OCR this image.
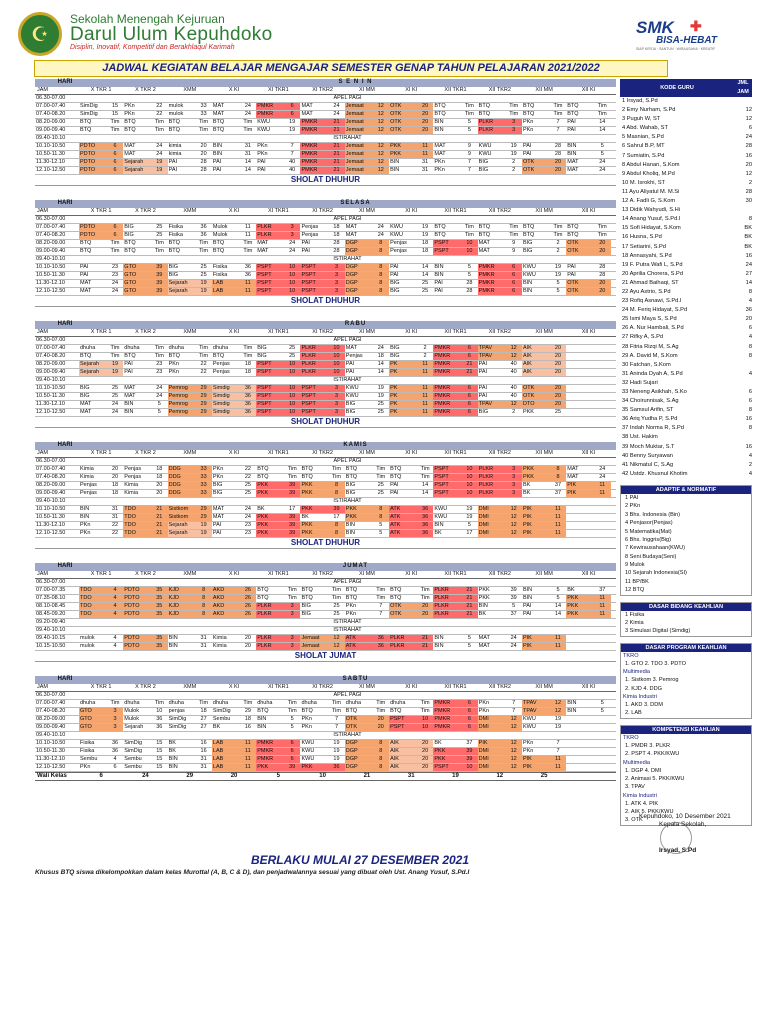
☪
Sekolah Menengah Kejuruan
Darul Ulum Kepuhdoko
Disiplin, Inovatif, Kompetitif dan Berakhlaqul Karimah
SMK ✚
BISA-HEBAT
SIAP KERJA · SANTUN · WIRAUSAHA · KREATIF
JADWAL KEGIATAN BELAJAR MENGAJAR SEMESTER GENAP TAHUN PELAJARAN 2021/2022
HARI	S E N I N
JAM	X TKR 1	X TKR 2	XMM	X KI	XI TKR1	XI TKR2	XI MM	XI KI	XII TKR1	XII TKR2	XII MM	XII KI
06.30-07.00	APEL PAGI
07.00-07.40	SimDig	15	PKn	22	mulok	33	MAT	24	PMKR	6	MAT	24	Jemaat	12	OTK	20	BTQ	Tim BTQ	Tim BTQ	Tim BTQ	Tim
07.40-08.20	SimDig	15	PKn	22	mulok	33	MAT	24	PMKR	6	MAT	24	Jemaat	12	OTK	20	BTQ	Tim BTQ	Tim BTQ	Tim BTQ	Tim
08.20-09.00	BTQ	Tim BTQ	Tim BTQ	Tim BTQ	Tim KWU	19	PMKR	21	Jemaat	12	OTK	20	BIN	5	PLKR	3	PKn	7	PAI	14
09.00-09.40	BTQ	Tim BTQ	Tim BTQ	Tim BTQ	Tim KWU	19	PMKR	21	Jemaat	12	OTK	20	BIN	5	PLKR	3	PKn	7	PAI	14
09.40-10.10	ISTIRAHAT
10.10-10.50	PDTO	6	MAT	24	kimia	20	BIN	31	PKn	7	PMKR	21	Jemaat	12	PKK	11	MAT	9	KWU	19	PAI	28	BIN	5
10.50-11.30	PDTO	6	MAT	24	kimia	20	BIN	31	PKn	7	PMKR	21	Jemaat	12	PKK	11	MAT	9	KWU	19	PAI	28	BIN	5
11.30-12.10	PDTO	6	Sejarah	19	PAI	28	PAI	14	PAI	40	PMKR	21	Jemaat	12	BIN	31	PKn	7	BIG	2	OTK	20	MAT	24
12.10-12.50	PDTO	6	Sejarah	19	PAI	28	PAI	14	PAI	40	PMKR	21	Jemaat	12	BIN	31	PKn	7	BIG	2	OTK	20	MAT	24
SHOLAT DHUHUR
HARI	SELASA
JAM	X TKR 1	X TKR 2	XMM	X KI	XI TKR1	XI TKR2	XI MM	XI KI	XII TKR1	XII TKR2	XII MM	XII KI
06.30-07.00	APEL PAGI
07.00-07.40	PDTO	6	BIG	25	Fisika	36	Mulok	11	PLKR	3	Penjas	18	MAT	24	KWU	19	BTQ	Tim BTQ	Tim BTQ	Tim BTQ	Tim
07.40-08.20	PDTO	6	BIG	25	Fisika	36	Mulok	11	PLKR	3	Penjas	18	MAT	24	KWU	19	BTQ	Tim BTQ	Tim BTQ	Tim BTQ	Tim
08.20-09.00	BTQ	Tim BTQ	Tim BTQ	Tim BTQ	Tim MAT	24	PAI	28	DGP	8	Penjas	18	PSPT	10	MAT	9	BIG	2	OTK	20
09.00-09.40	BTQ	Tim BTQ	Tim BTQ	Tim BTQ	Tim MAT	24	PAI	28	DGP	8	Penjas	18	PSPT	10	MAT	9	BIG	2	OTK	20
09.40-10.10	ISTIRAHAT
10.10-10.50	PAI	23	GTO	39	BIG	25	Fisika	36	PSPT	10	PSPT	3	DGP	8	PAI	14	BIN	5	PMKR	6	KWU	19	PAI	28
10.50-11.30	PAI	23	GTO	39	BIG	25	Fisika	36	PSPT	10	PSPT	3	DGP	8	PAI	14	BIN	5	PMKR	6	KWU	19	PAI	28
11.30-12.10	MAT	24	GTO	39	Sejarah	19	LAB	11	PSPT	10	PSPT	3	DGP	8	BIG	25	PAI	28	PMKR	6	BIN	5	OTK	20
12.10-12.50	MAT	24	GTO	39	Sejarah	19	LAB	11	PSPT	10	PSPT	3	DGP	8	BIG	25	PAI	28	PMKR	6	BIN	5	OTK	20
SHOLAT DHUHUR
HARI	RABU
JAM	X TKR 1	X TKR 2	XMM	X KI	XI TKR1	XI TKR2	XI MM	XI KI	XII TKR1	XII TKR2	XII MM	XII KI
06.30-07.00	APEL PAGI
07.00-07.40	dhuha	Tim dhuha	Tim dhuha	Tim dhuha	Tim BIG	25	PLKR	10	MAT	24	BIG	2	PMKR	6	TPAV	12	AIK	20
07.40-08.20	BTQ	Tim BTQ	Tim BTQ	Tim BTQ	Tim BIG	25	PLKR	10	Penjas	18	BIG	2	PMKR	6	TPAV	12	AIK	20
08.20-09.00	Sejarah	19	PAI	23	PKn	22	Penjas	18	PSPT	10	PLKR	10	PAI	14	PK	11	PMKR	21	PAI	40	AIK	20
09.00-09.40	Sejarah	19	PAI	23	PKn	22	Penjas	18	PSPT	10	PLKR	10	PAI	14	PK	11	PMKR	21	PAI	40	AIK	20
09.40-10.10	ISTIRAHAT
10.10-10.50	BIG	25	MAT	24	Pemrog	29	Simdig	36	PSPT	10	PSPT	3	KWU	19	PK	11	PMKR	6	PAI	40	OTK	20
10.50-11.30	BIG	25	MAT	24	Pemrog	29	Simdig	36	PSPT	10	PSPT	3	KWU	19	PK	11	PMKR	6	PAI	40	OTK	20
11.30-12.10	MAT	24	BIN	5	Pemrog	29	Simdig	36	PSPT	10	PSPT	3	BIG	25	PK	11	PMKR	6	TPAV	12	DTO	20
12.10-12.50	MAT	24	BIN	5	Pemrog	29	Simdig	36	PSPT	10	PSPT	3	BIG	25	PK	11	PMKR	6	BIG	2	PKK	25
SHOLAT DHUHUR
HARI	KAMIS
JAM	X TKR 1	X TKR 2	XMM	X KI	XI TKR1	XI TKR2	XI MM	XI KI	XII TKR1	XII TKR2	XII MM	XII KI
06.30-07.00	APEL PAGI
07.00-07.40	Kimia	20	Penjas	18	DDG	33	PKn	22	BTQ	Tim BTQ	Tim BTQ	Tim BTQ	Tim PSPT	10	PLKR	3	PKK	8	MAT	24
07.40-08.20	Kimia	20	Penjas	18	DDG	33	PKn	22	BTQ	Tim BTQ	Tim BTQ	Tim BTQ	Tim PSPT	10	PLKR	3	PKK	8	MAT	24
08.20-09.00	Penjas	18	Kimia	20	DDG	33	BIG	25	PKK	39	PKK	8	BIG	25	PAI	14	PSPT	10	PLKR	3	BK	37	PIK	11
09.00-09.40	Penjas	18	Kimia	20	DDG	33	BIG	25	PKK	39	PKK	8	BIG	25	PAI	14	PSPT	10	PLKR	3	BK	37	PIK	11
09.40-10.10	ISTIRAHAT
10.10-10.50	BIN	31	TDO	21	Sistkom	29	MAT	24	BK	17	PKK	39	PKK	8	ATK	36	KWU	19	DMI	12	PIK	11
10.50-11.30	BIN	31	TDO	21	Sistkom	29	MAT	24	PKK	39	BK	17	PKK	8	ATK	36	KWU	19	DMI	12	PIK	11
11.30-12.10	PKn	22	TDO	21	Sejarah	19	PAI	23	PKK	39	PKK	8	BIN	5	ATK	36	BIN	5	DMI	12	PIK	11
12.10-12.50	PKn	22	TDO	21	Sejarah	19	PAI	23	PKK	39	PKK	8	BIN	5	ATK	36	BK	17	DMI	12	PIK	11
SHOLAT DHUHUR
HARI	JUMAT
JAM	X TKR 1	X TKR 2	XMM	X KI	XI TKR1	XI TKR2	XI MM	XI KI	XII TKR1	XII TKR2	XII MM	XII KI
06.30-07.00	APEL PAGI
07.00-07.35	TDO	4	PDTO	35	KJD	8	AKD	26	BTQ	Tim BTQ	Tim BTQ	Tim BTQ	Tim PLKR	21	PKK	39	BIN	5	BK	37
07.35-08.10	TDO	4	PDTO	35	KJD	8	AKD	26	BTQ	Tim BTQ	Tim BTQ	Tim BTQ	Tim PLKR	21	PKK	39	BIN	5	PKK	11
08.10-08.45	TDO	4	PDTO	35	KJD	8	AKD	26	PLKR	3	BIG	25	PKn	7	OTK	20	PLKR	21	BIN	5	PAI	14	PKK	11
08.45-09.20	TDO	4	PDTO	35	KJD	8	AKD	26	PLKR	3	BIG	25	PKn	7	OTK	20	PLKR	21	BK	37	PAI	14	PKK	11
09.20-09.40	ISTIRAHAT
09.40-10.10	ISTIRAHAT
09.40-10.15	mulok	4	PDTO	35	BIN	31	Kimia	20	PLKR	3	Jemaat	12	ATK	36	PLKR	21	BIN	5	MAT	24	PIK	11
10.15-10.50	mulok	4	PDTO	35	BIN	31	Kimia	20	PLKR	3	Jemaat	12	ATK	36	PLKR	21	BIN	5	MAT	24	PIK	11
SHOLAT JUMAT
HARI	SABTU
JAM	X TKR 1	X TKR 2	XMM	X KI	XI TKR1	XI TKR2	XI MM	XI KI	XII TKR1	XII TKR2	XII MM	XII KI
06.30-07.00	APEL PAGI
07.00-07.40	dhuha	Tim dhuha	Tim dhuha	Tim dhuha	Tim dhuha	Tim dhuha	Tim dhuha	Tim dhuha	Tim PMKR	6	PKn	7	TPAV	12	BIN	5
07.40-08.20	GTO	3	Mulok	10	penjas	18	SimDig	29	BTQ	Tim BTQ	Tim BTQ	Tim BTQ	Tim PMKR	6	PKn	7	TPAV	12	BIN	5
08.20-09.00	GTO	3	Mulok	36	SimDig	27	Sembu	18	BIN	5	PKn	7	OTK	20	PSPT	10	PMKR	6	DMI	12	KWU	19
09.00-09.40	GTO	3	Sejarah	36	SimDig	27	BK	16	BIN	5	PKn	7	OTK	20	PSPT	10	PMKR	6	DMI	12	KWU	19
09.40-10.10	ISTIRAHAT
10.10-10.50	Fisika	36	SimDig	15	BK	16	LAB	11	PMKR	6	KWU	19	DGP	8	AIK	20	BK	37	PIK	12	PKn	7
10.50-11.30	Fisika	36	SimDig	15	BK	16	LAB	11	PMKR	6	KWU	19	DGP	8	AIK	20	PKK	39	DMI	12	PKn	7
11.30-12.10	Sembu	4	Sembu	15	BIN	31	LAB	11	PMKR	6	KWU	19	DGP	8	AIK	20	PKK	39	DMI	12	PIK	11
12.10-12.50	PKn	6	Sembu	15	BIN	31	LAB	11	PKK	39	PKK	36	DGP	8	AIK	20	PSPT	10	DMI	12	PIK	11
Wali Kelas	6	24	29	20	5	10	21	31	19	12	25
KODE GURU
JML JAM
1 Irsyad, S.Pd
2 Emy Nurham, S.Pd	12
3 Puguh W, ST	12
4 Abd. Wahab, ST	6
5 Masnian, S.Pd	24
6 Sahrul B.P, MT	28
7 Sumiatin, S.Pd	16
8 Abdul Hanan, S.Kom	20
9 Abdul Kholiq, M.Pd	12
10 M. Isrokhi, ST	2
11 Ayu Aliyatul M. M.Si	28
12 A. Fadli G, S.Kom	30
13 Didik Wahyudi, S.Hi
14 Anang Yusuf, S.Pd.I	8
15 Sofi Hidayat, S.Kom	BK
16 Husna, S.Pd	BK
17 Setiarini, S.Pd	BK
18 Annasyahi, S.Pd	16
19 F. Putra Wafi L, S.Pd	24
20 Aprilia Chorera, S.Pd	27
21 Ahmad Baihaqi, ST	14
22 Ayu Astrio, S.Pd	8
23 Rofiq Asnawi, S.Pd.I	4
24 M. Feriq Hidayat, S.Pd	36
25 Ismi Maya S, S.Pd	20
26 A. Nur Hambali, S.Pd	6
27 Rifky A, S.Pd	4
28 Fitria Rizqi M, S.Ag	8
29 A. David M, S.Kom	8
30 Fatchan, S.Kom
31 Aninda Dyah A, S.Pd	4
32 Hadi Sujari
33 Neneng Asikhah, S.Ko	6
34 Choirunnisak, S.Ag	6
35 Samsul Arifin, ST	8
36 Ariq Yudha P, S.Pd	16
37 Indah Norma R, S.Pd	8
38 Ust. Hakim
39 Moch Muktar, S.T	16
40 Benny Suryawan	4
41 Nikmatul C, S.Ag	2
42 Ustdz. Khusnul Khotim	4
ADAPTIF & NORMATIF
1 PAI
2 PKn
3 Bhs. Indonesia (Bin)
4 Penjasor(Penjas)
5 Matematika(Mat)
6 Bhs. Inggris(Big)
7 Kewirausahaan(KWU)
8 Seni Budaya(Seni)
9 Mulok
10 Sejarah Indonesia(SI)
11 BP/BK
12 BTQ
DASAR BIDANG KEAHLIAN
1 Fisika
2 Kimia
3 Simulasi Digital (Simdig)
DASAR PROGRAM KEAHLIAN
TKRO
1. GTO 2. TDO 3. PDTO
Multimedia
1. Sistkom 3. Pemrog
2. KJD 4. DDG
Kimia Industri
1. AKD 3. DDM
2. LAB
KOMPETENSI KEAHLIAN
TKRO
1. PMDR 3. PLKR
2. PSPT 4. PKK/KWU
Multimedia
1. DGP 4. DMI
2. Animasi 5. PKK/KWU
3. TPAV
Kimia Industri
1. ATK 4. PIK
2. AIK 5. PKK/KWU
3. OTK
Kepuhdoko, 10 Desember 2021
Kepala Sekolah,
Irsyad, S.Pd
BERLAKU MULAI 27 DESEMBER 2021
Khusus BTQ siswa dikelompokkan dalam kelas Murottal (A, B, C & D), dan penjadwalannya sesuai yang dibuat oleh Ust. Anang Yusuf, S.Pd.I
